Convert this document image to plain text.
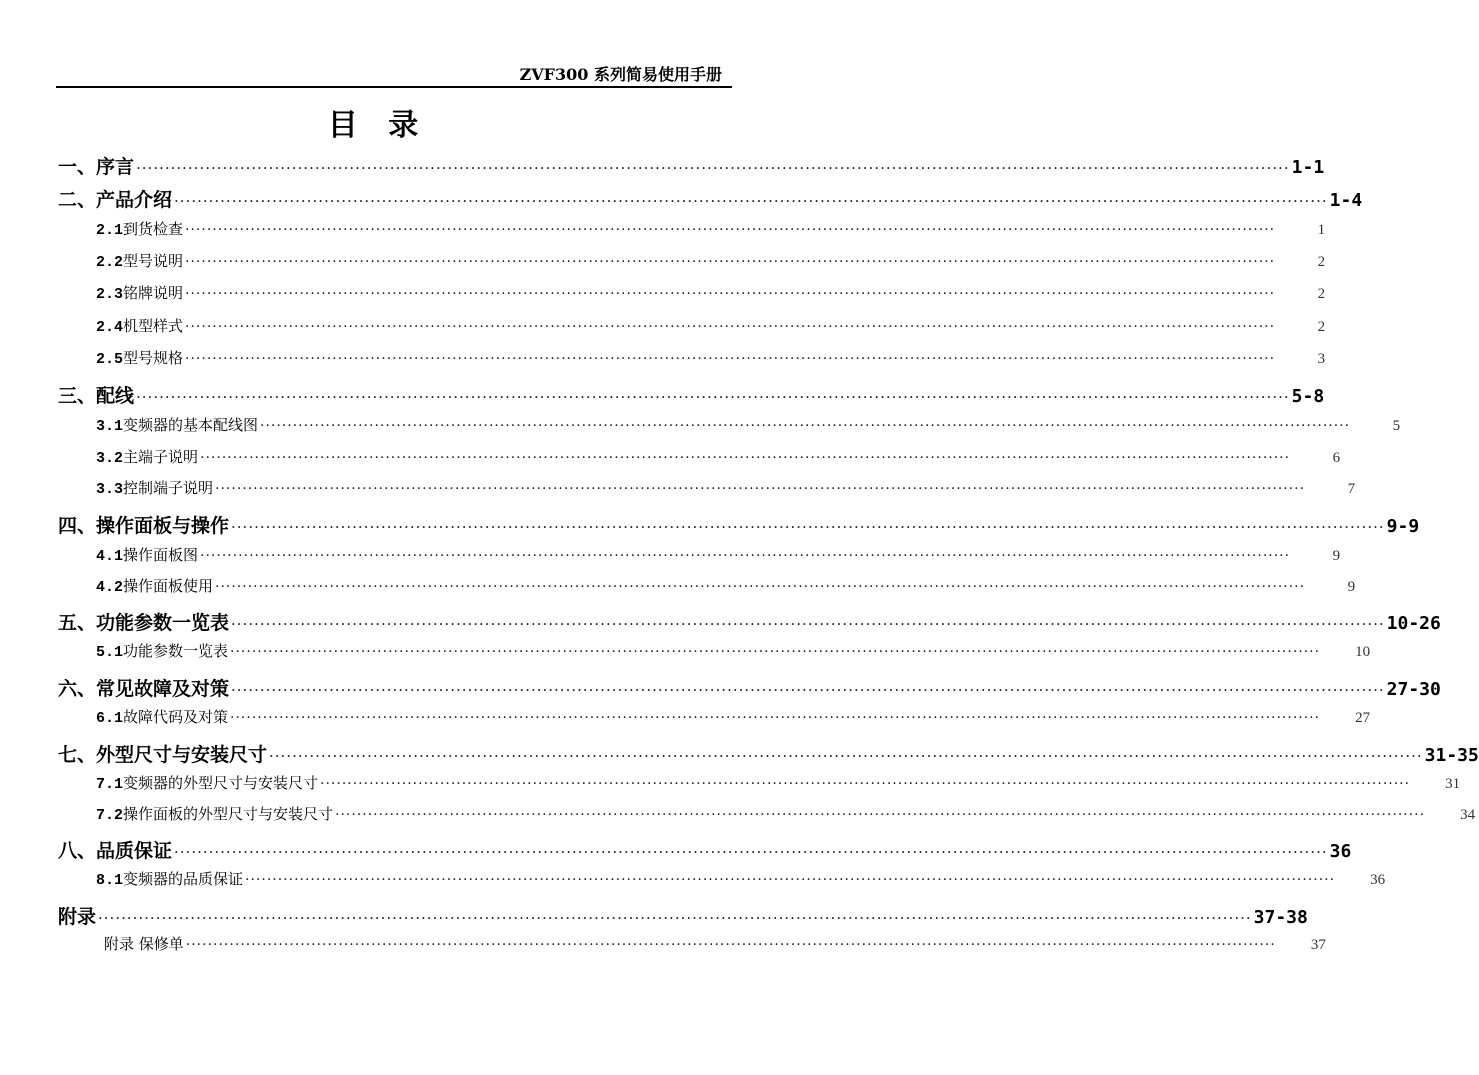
ZVF300 系列简易使用手册
目 录
一、序言 ········································································································································································································ 1-1
二、产品介绍 ········································································································································································································ 1-4
2.1到货检查 ········································································································································································································	1
2.2型号说明 ········································································································································································································	2
2.3铭牌说明 ········································································································································································································	2
2.4机型样式 ········································································································································································································	2
2.5型号规格 ········································································································································································································	3
三、配线 ········································································································································································································ 5-8
3.1变频器的基本配线图 ········································································································································································································	5
3.2主端子说明 ········································································································································································································	6
3.3控制端子说明 ········································································································································································································	7
四、操作面板与操作 ········································································································································································································ 9-9
4.1操作面板图 ········································································································································································································	9
4.2操作面板使用 ········································································································································································································	9
五、功能参数一览表 ········································································································································································································ 10-26
5.1功能参数一览表 ········································································································································································································	10
六、常见故障及对策 ········································································································································································································ 27-30
6.1故障代码及对策 ········································································································································································································	27
七、外型尺寸与安装尺寸 ········································································································································································································ 31-35
7.1变频器的外型尺寸与安装尺寸 ········································································································································································································	31
7.2操作面板的外型尺寸与安装尺寸 ········································································································································································································	34
八、品质保证 ········································································································································································································ 36
8.1变频器的品质保证 ········································································································································································································	36
附录 ········································································································································································································ 37-38
附录 保修单 ········································································································································································································	37
